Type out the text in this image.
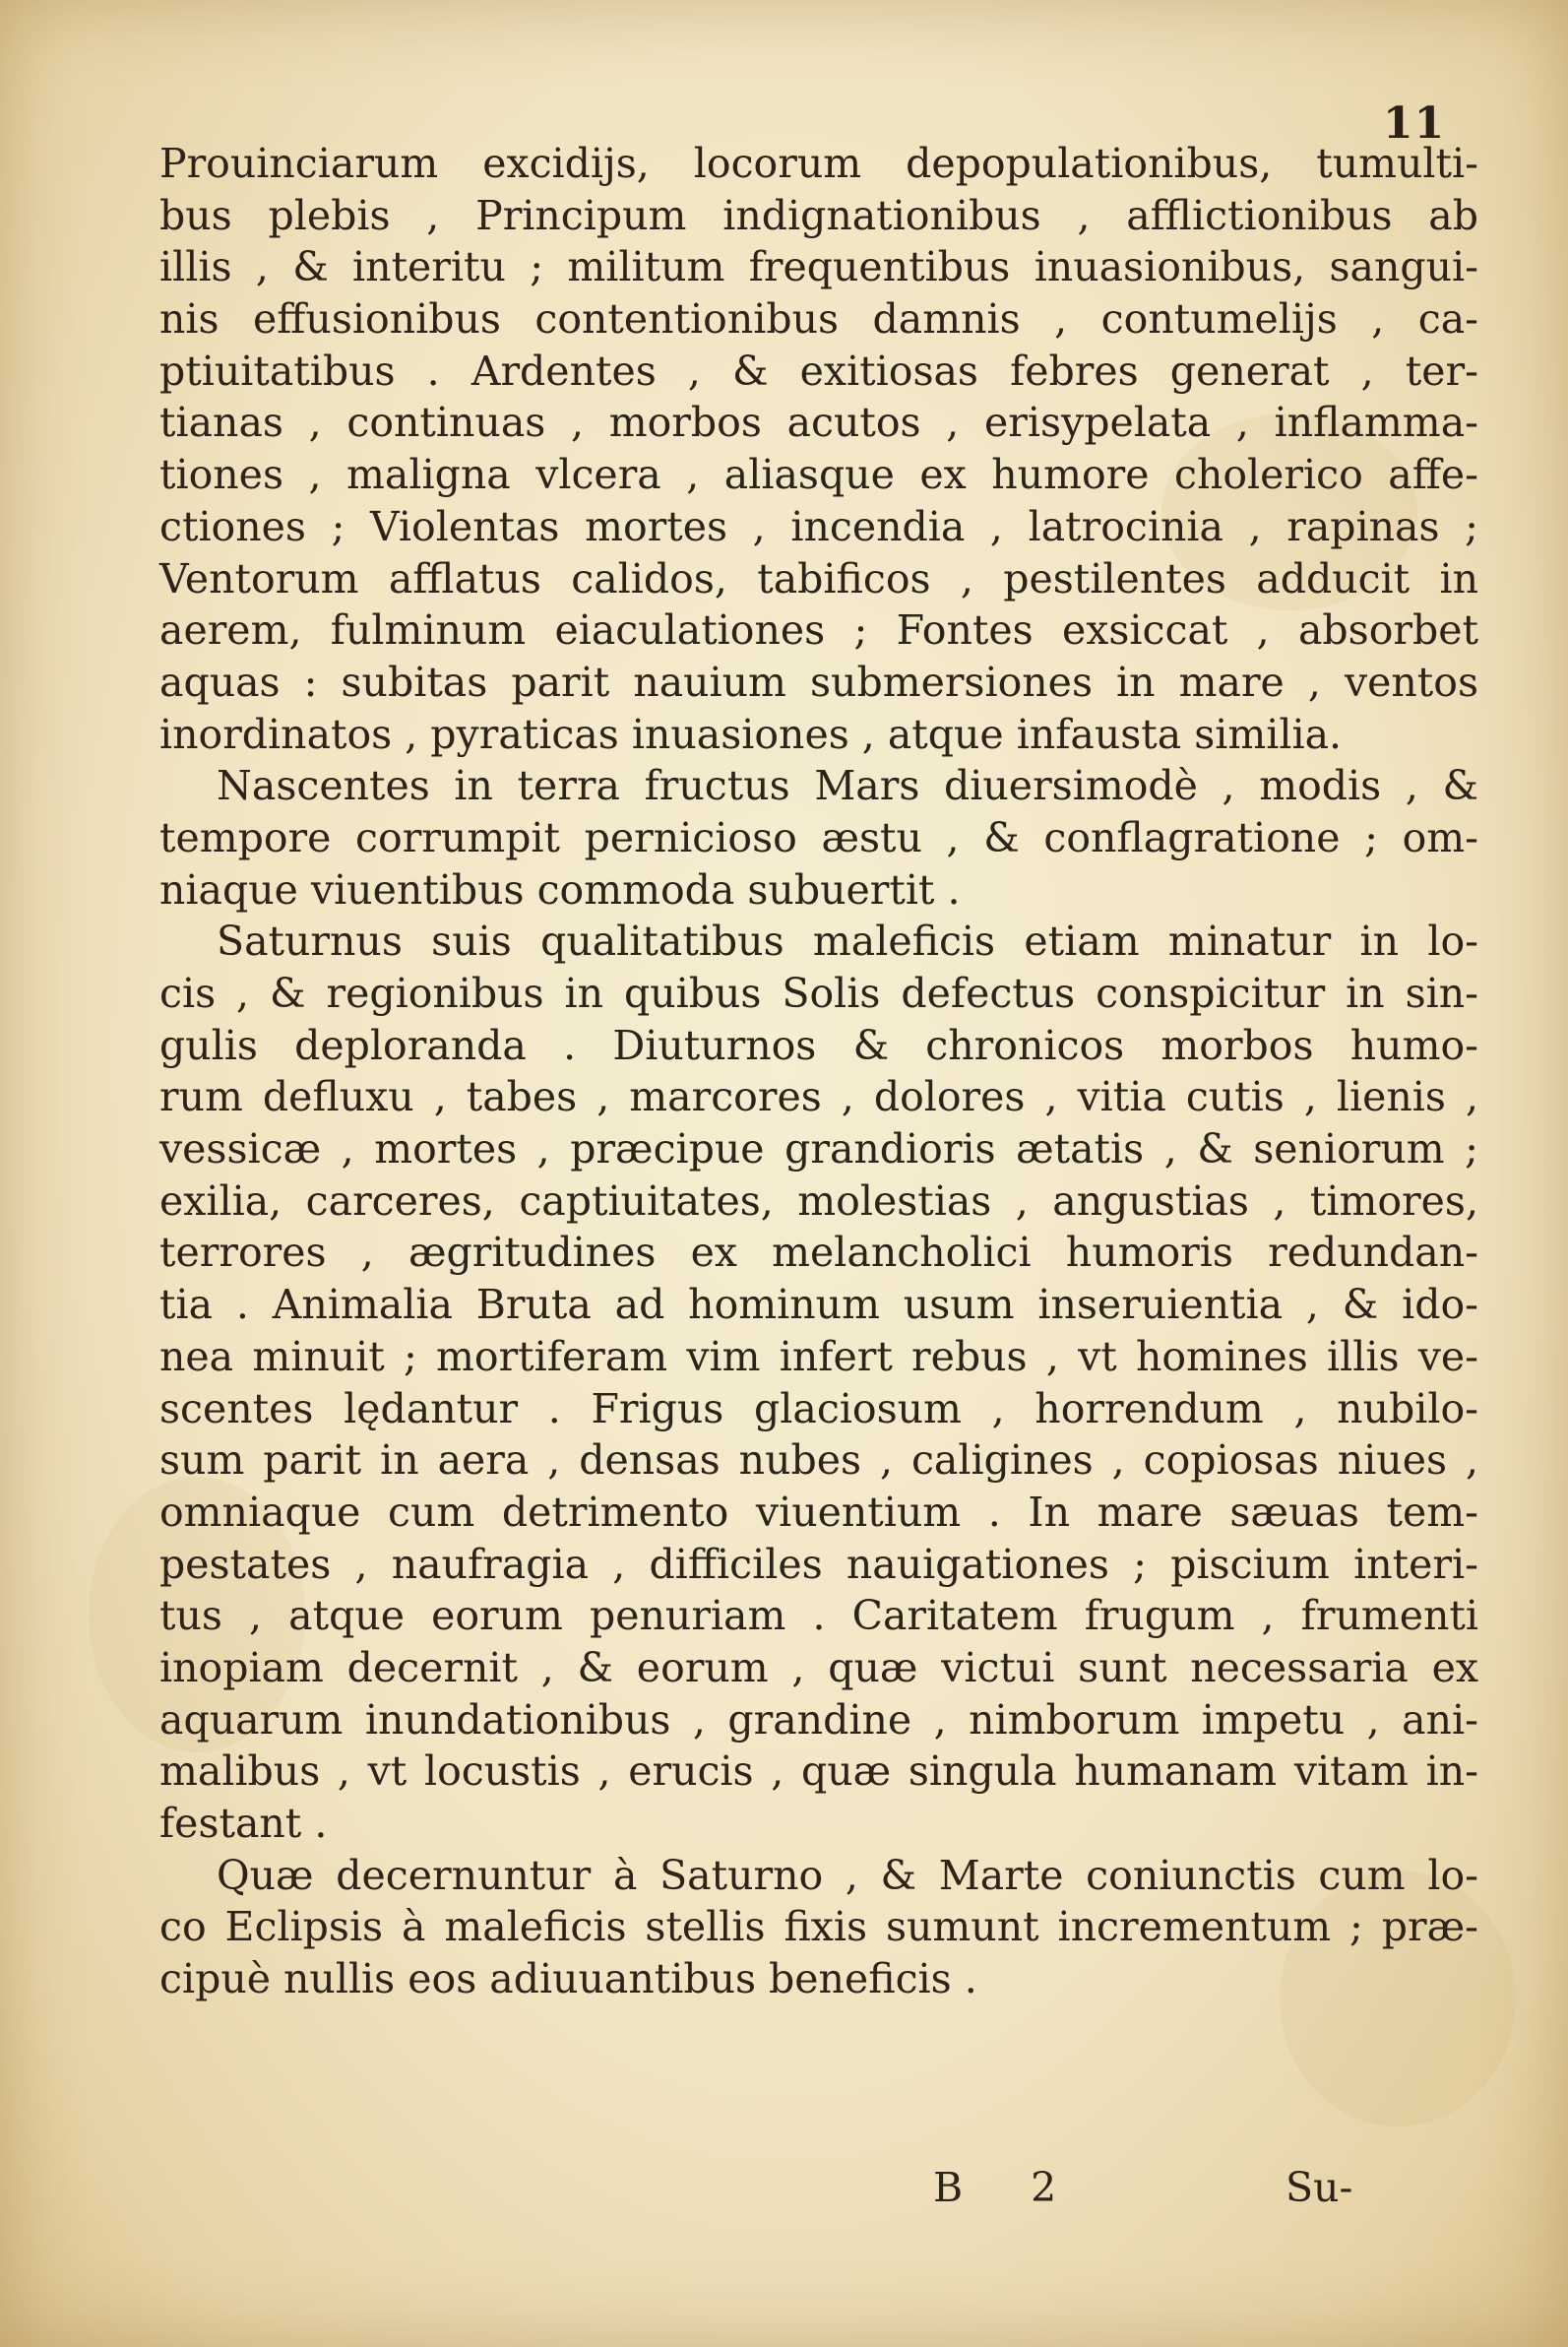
11
Prouinciarum excidijs, locorum depopulationibus, tumulti-
bus plebis , Principum indignationibus , afflictionibus ab
illis , & interitu ; militum frequentibus inuasionibus, sangui-
nis effusionibus contentionibus damnis , contumelijs , ca-
ptiuitatibus . Ardentes , & exitiosas febres generat , ter-
tianas , continuas , morbos acutos , erisypelata , inflamma-
tiones , maligna vlcera , aliasque ex humore cholerico affe-
ctiones ; Violentas mortes , incendia , latrocinia , rapinas ;
Ventorum afflatus calidos, tabificos , pestilentes adducit in
aerem, fulminum eiaculationes ; Fontes exsiccat , absorbet
aquas : subitas parit nauium submersiones in mare , ventos
inordinatos , pyraticas inuasiones , atque infausta similia.
Nascentes in terra fructus Mars diuersimodè , modis , &
tempore corrumpit pernicioso æstu , & conflagratione ; om-
niaque viuentibus commoda subuertit .
Saturnus suis qualitatibus maleficis etiam minatur in lo-
cis , & regionibus in quibus Solis defectus conspicitur in sin-
gulis deploranda . Diuturnos & chronicos morbos humo-
rum defluxu , tabes , marcores , dolores , vitia cutis , lienis ,
vessicæ , mortes , præcipue grandioris ætatis , & seniorum ;
exilia, carceres, captiuitates, molestias , angustias , timores,
terrores , ægritudines ex melancholici humoris redundan-
tia . Animalia Bruta ad hominum usum inseruientia , & ido-
nea minuit ; mortiferam vim infert rebus , vt homines illis ve-
scentes lędantur . Frigus glaciosum , horrendum , nubilo-
sum parit in aera , densas nubes , caligines , copiosas niues ,
omniaque cum detrimento viuentium . In mare sæuas tem-
pestates , naufragia , difficiles nauigationes ; piscium interi-
tus , atque eorum penuriam . Caritatem frugum , frumenti
inopiam decernit , & eorum , quæ victui sunt necessaria ex
aquarum inundationibus , grandine , nimborum impetu , ani-
malibus , vt locustis , erucis , quæ singula humanam vitam in-
festant .
Quæ decernuntur à Saturno , & Marte coniunctis cum lo-
co Eclipsis à maleficis stellis fixis sumunt incrementum ; præ-
cipuè nullis eos adiuuantibus beneficis .
B 2	Su-
